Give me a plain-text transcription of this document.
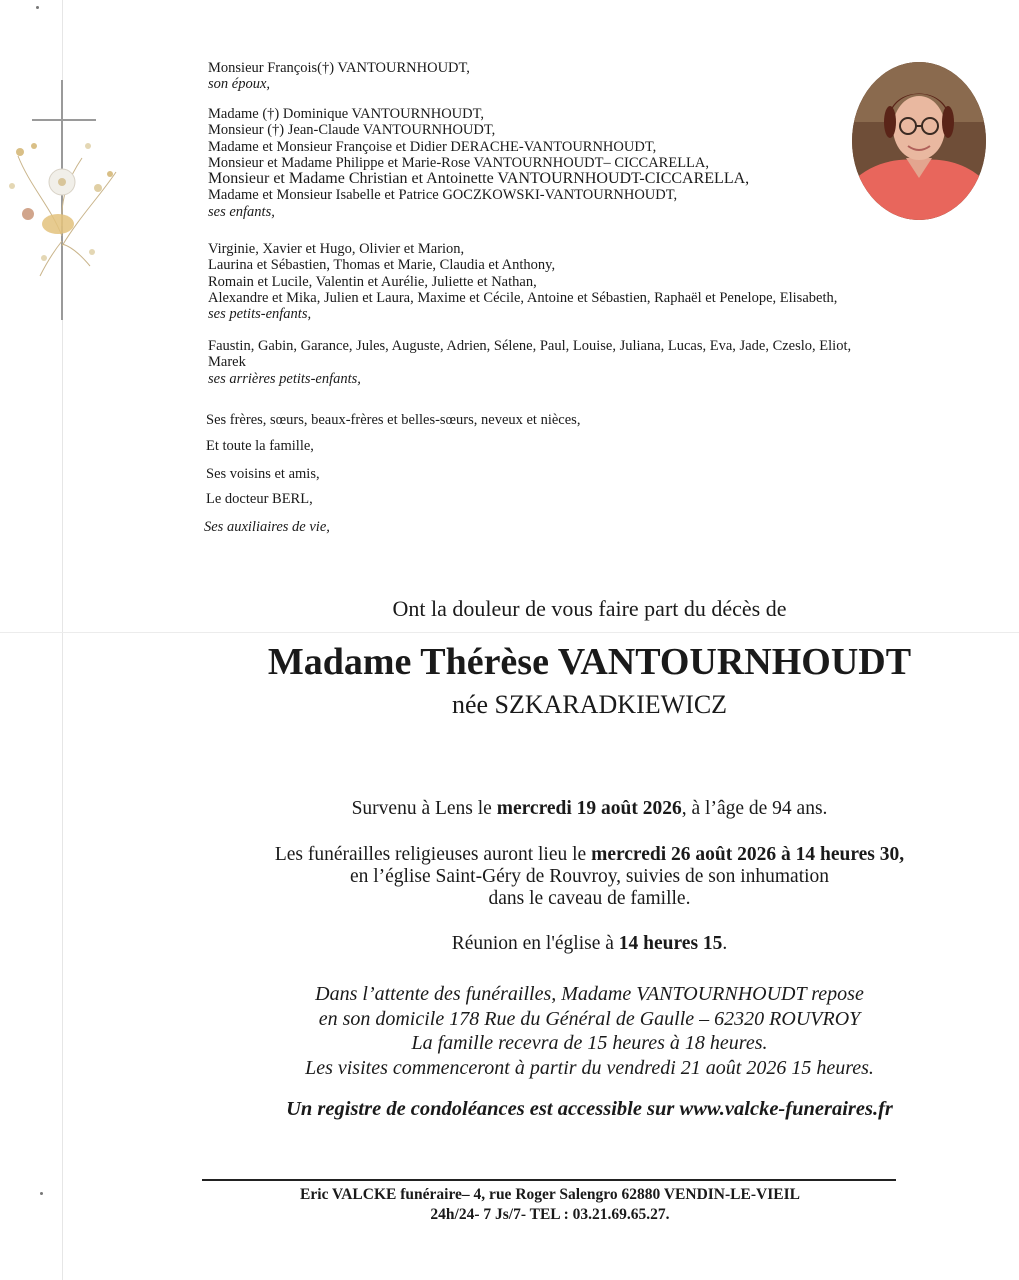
Monsieur François(†) VANTOURNHOUDT,
son époux,
Madame (†) Dominique VANTOURNHOUDT,
Monsieur (†) Jean-Claude VANTOURNHOUDT,
Madame et Monsieur Françoise et Didier DERACHE-VANTOURNHOUDT,
Monsieur et Madame Philippe et Marie-Rose VANTOURNHOUDT– CICCARELLA,
Monsieur et Madame Christian et Antoinette VANTOURNHOUDT-CICCARELLA,
Madame et Monsieur Isabelle et Patrice GOCZKOWSKI-VANTOURNHOUDT,
ses enfants,
Virginie, Xavier et Hugo, Olivier et Marion,
Laurina et Sébastien, Thomas et Marie, Claudia et Anthony,
Romain et Lucile, Valentin et Aurélie, Juliette et Nathan,
Alexandre et Mika, Julien et Laura, Maxime et Cécile, Antoine et Sébastien, Raphaël et Penelope, Elisabeth,
ses petits-enfants,
Faustin, Gabin, Garance, Jules, Auguste, Adrien, Sélene, Paul, Louise, Juliana, Lucas, Eva, Jade, Czeslo, Eliot,
Marek
ses arrières petits-enfants,
Ses frères, sœurs, beaux-frères et belles-sœurs, neveux et nièces,
Et toute la famille,
Ses voisins et amis,
Le docteur BERL,
Ses auxiliaires de vie,
Ont la douleur de vous faire part du décès de
Madame Thérèse VANTOURNHOUDT
née SZKARADKIEWICZ
Survenu à Lens le mercredi 19 août 2026, à l’âge de 94 ans.
Les funérailles religieuses auront lieu le mercredi 26 août 2026 à 14 heures 30,
en l’église Saint-Géry de Rouvroy, suivies de son inhumation
dans le caveau de famille.
Réunion en l'église à 14 heures 15.
Dans l’attente des funérailles, Madame VANTOURNHOUDT repose
en son domicile 178 Rue du Général de Gaulle – 62320 ROUVROY
La famille recevra de 15 heures à 18 heures.
Les visites commenceront à partir du vendredi 21 août 2026 15 heures.
Un registre de condoléances est accessible sur www.valcke-funeraires.fr
Eric VALCKE funéraire– 4, rue Roger Salengro 62880 VENDIN-LE-VIEIL
24h/24- 7 Js/7- TEL : 03.21.69.65.27.
